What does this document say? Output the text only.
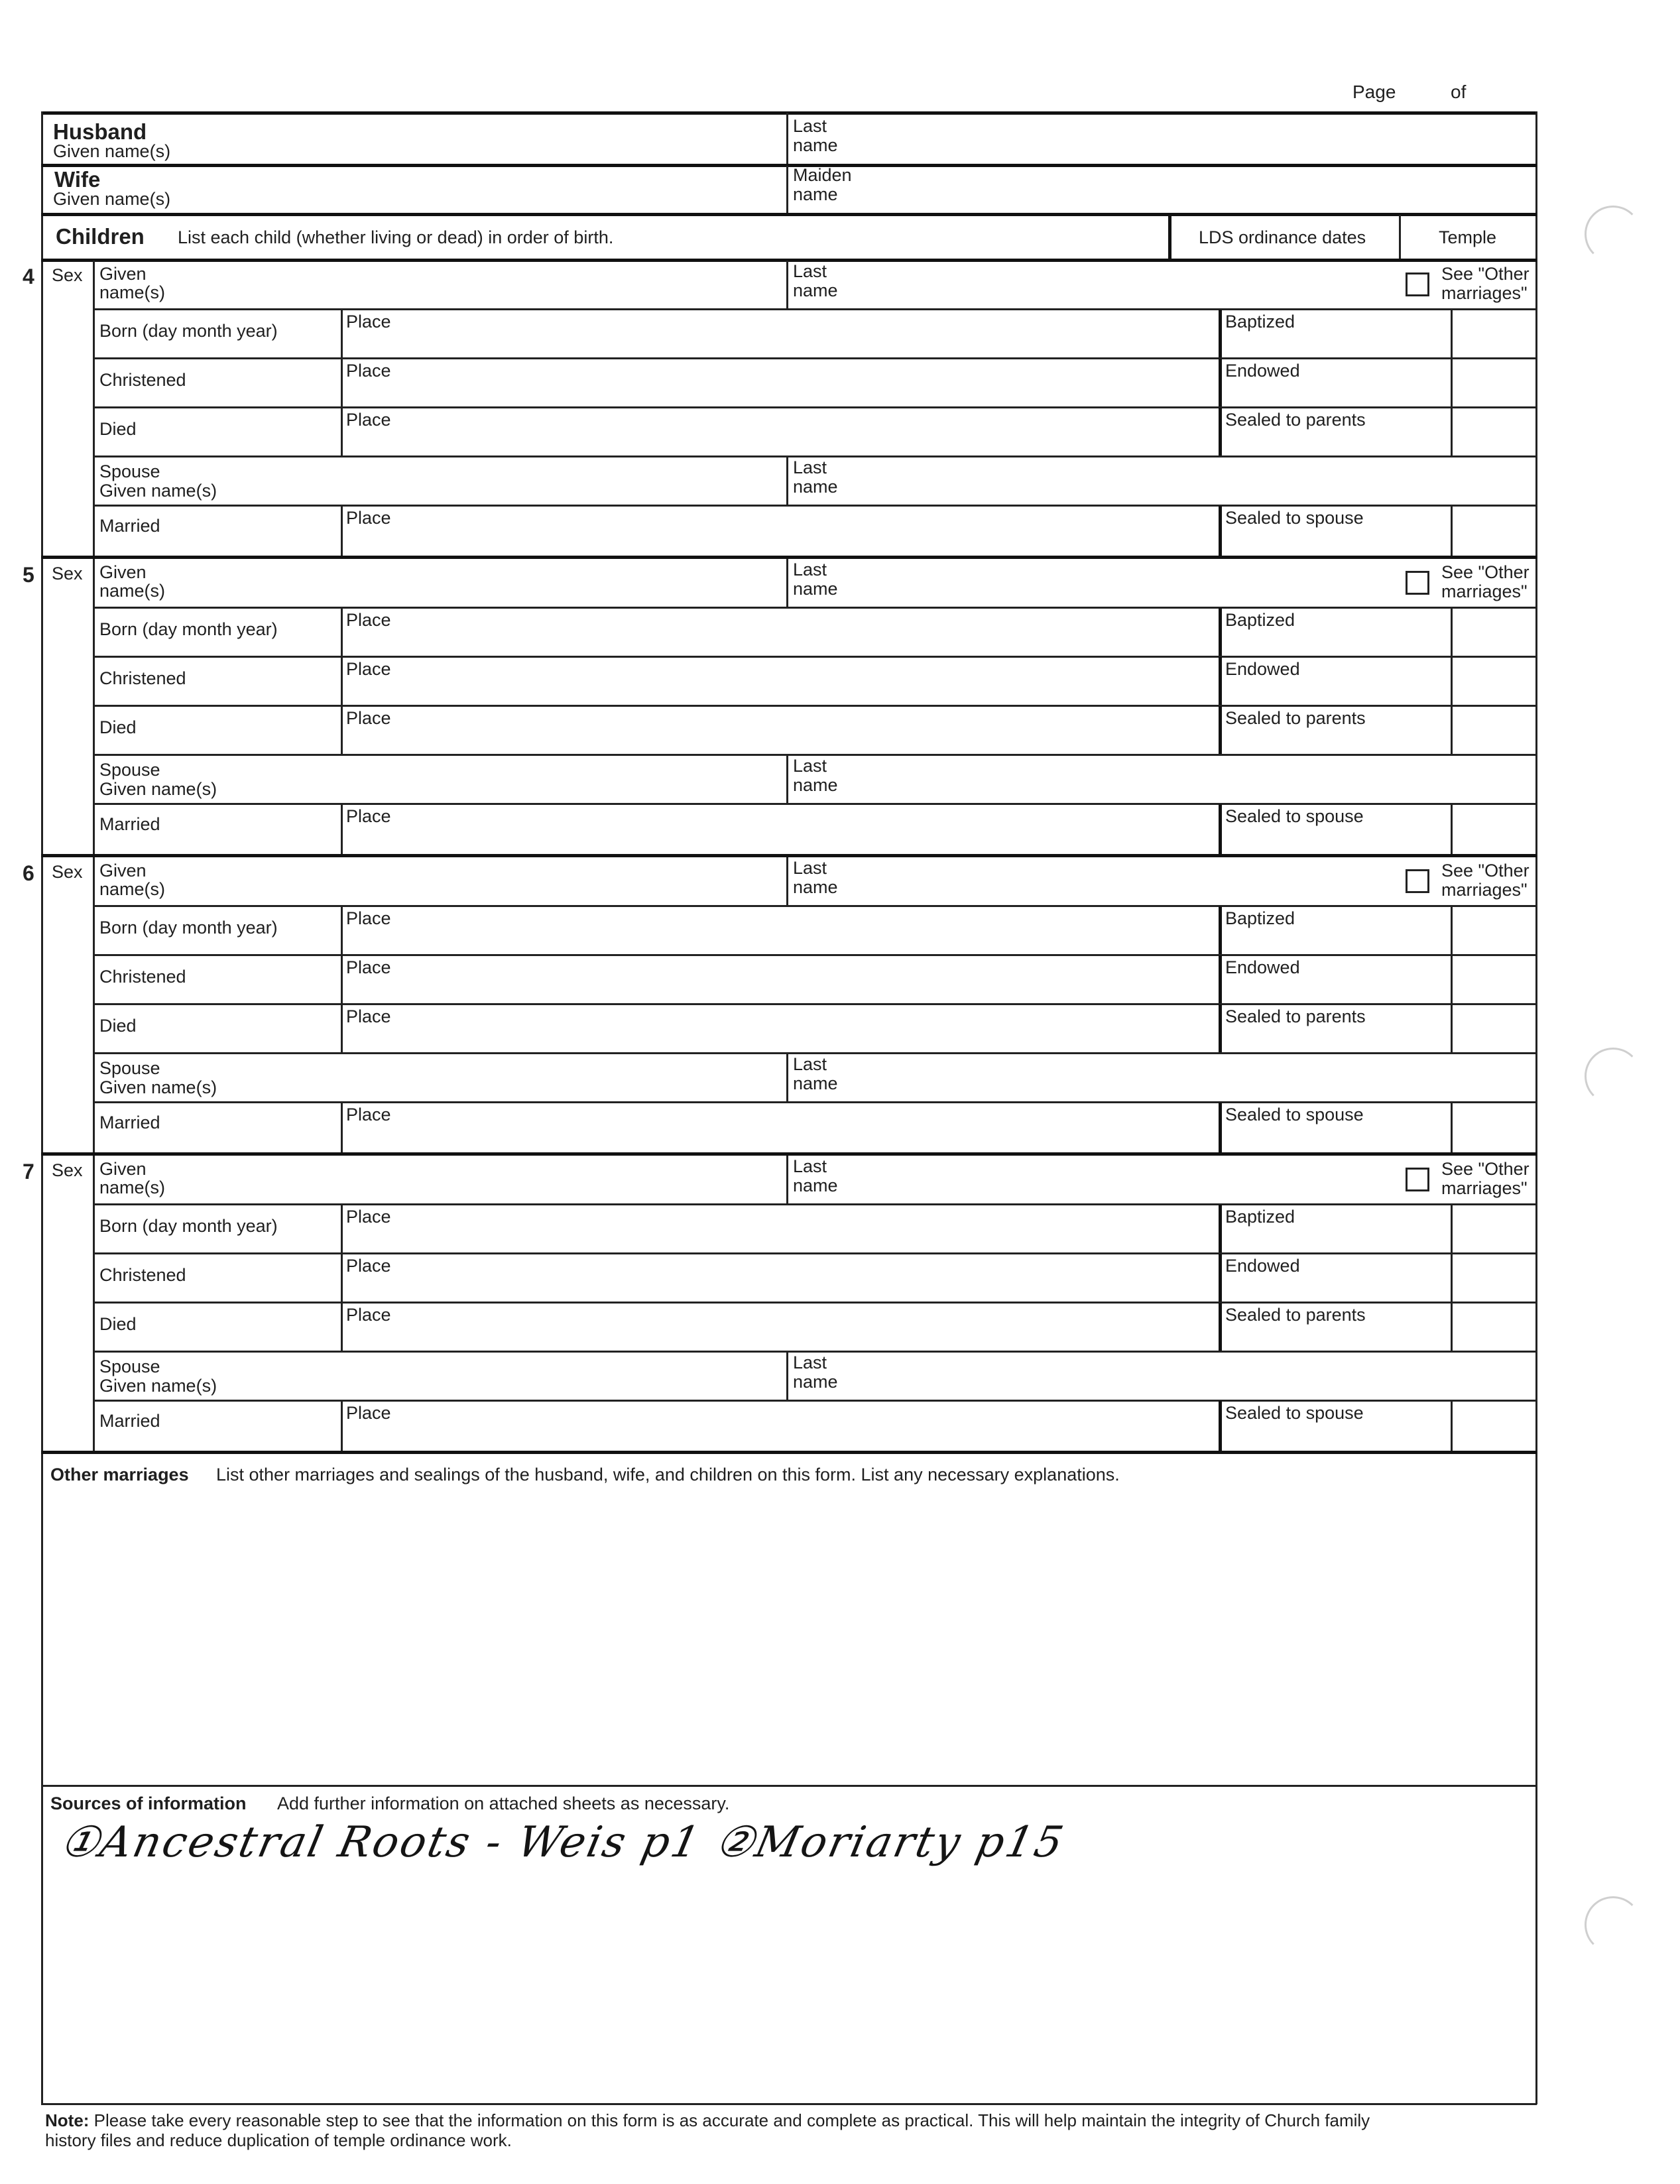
Page	of
Husband
Given name(s)
Last
name
Wife
Given name(s)
Maiden
name
Children List each child (whether living or dead) in order of birth.	LDS ordinance dates	Temple
4 Sex Given
name(s)
Last
name
See "Other
marriages"
Born (day month year)	Place	Baptized
Christened	Place	Endowed
Died	Place	Sealed to parents
Spouse
Given name(s)
Last
name
Married	Place	Sealed to spouse
5 Sex Given
name(s)
Last
name
See "Other
marriages"
Born (day month year)	Place	Baptized
Christened	Place	Endowed
Died	Place	Sealed to parents
Spouse
Given name(s)
Last
name
Married	Place	Sealed to spouse
6 Sex Given
name(s)
Last
name
See "Other
marriages"
Born (day month year)	Place	Baptized
Christened	Place	Endowed
Died	Place	Sealed to parents
Spouse
Given name(s)
Last
name
Married	Place	Sealed to spouse
7 Sex Given
name(s)
Last
name
See "Other
marriages"
Born (day month year)	Place	Baptized
Christened	Place	Endowed
Died	Place	Sealed to parents
Spouse
Given name(s)
Last
name
Married	Place	Sealed to spouse
Other marriages List other marriages and sealings of the husband, wife, and children on this form. List any necessary explanations.
Sources of information Add further information on attached sheets as necessary.
①Ancestral Roots - Weis p1 ②Moriarty p15
Note: Please take every reasonable step to see that the information on this form is as accurate and complete as practical. This will help maintain the integrity of Church family
history files and reduce duplication of temple ordinance work.
